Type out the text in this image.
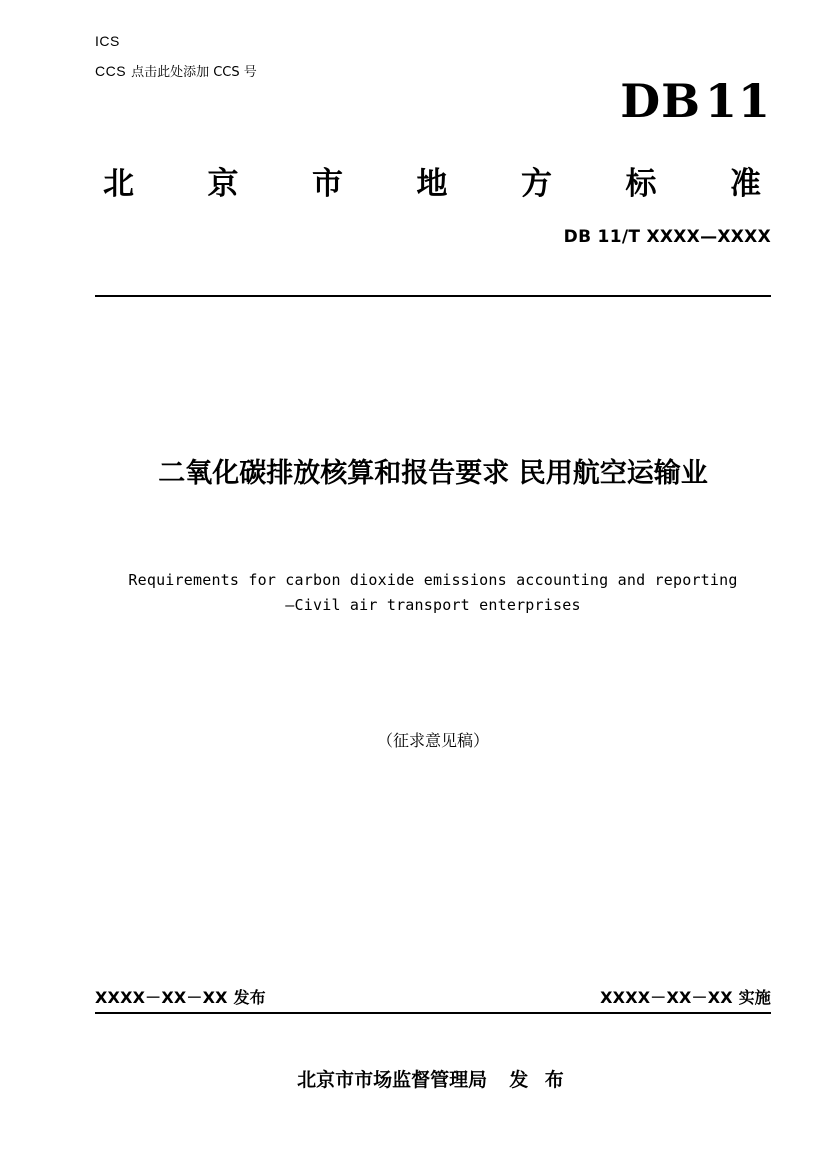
ICS
CCS 点击此处添加 CCS 号
DB11
北 京 市 地 方 标 准
DB 11/T XXXX—XXXX
二氧化碳排放核算和报告要求 民用航空运输业
Requirements for carbon dioxide emissions accounting and reporting
—Civil air transport enterprises
（征求意见稿）
XXXX－XX－XX 发布	XXXX－XX－XX 实施
北京市市场监督管理局 发 布
